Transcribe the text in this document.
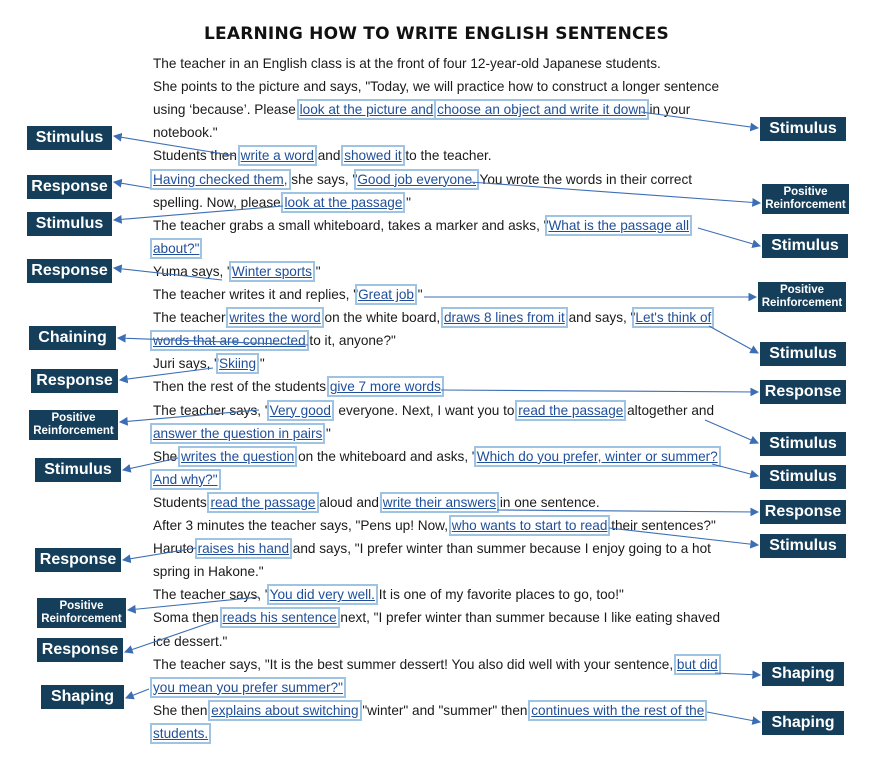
LEARNING HOW TO WRITE ENGLISH SENTENCES
The teacher in an English class is at the front of four 12-year-old Japanese students.
She points to the picture and says, "Today, we will practice how to construct a longer sentence
using ‘because’. Please look at the picture and choose an object and write it down in your
notebook."
Students then write a word and showed it to the teacher.
Having checked them, she says, "Good job everyone. You wrote the words in their correct
spelling. Now, please look at the passage."
The teacher grabs a small whiteboard, takes a marker and asks, "What is the passage all
about?"
Yuma says, "Winter sports."
The teacher writes it and replies, "Great job."
The teacher writes the word on the white board, draws 8 lines from it and says, "Let's think of
words that are connected to it, anyone?"
Juri says, "Skiing."
Then the rest of the students give 7 more words.
The teacher says, "Very good, everyone. Next, I want you to read the passage altogether and
answer the question in pairs."
She writes the question on the whiteboard and asks, "Which do you prefer, winter or summer?
And why?"
Students read the passage aloud and write their answers in one sentence.
After 3 minutes the teacher says, "Pens up! Now, who wants to start to read their sentences?"
Haruto raises his hand and says, "I prefer winter than summer because I enjoy going to a hot
spring in Hakone."
The teacher says, "You did very well. It is one of my favorite places to go, too!"
Soma then reads his sentence next, "I prefer winter than summer because I like eating shaved
ice dessert."
The teacher says, "It is the best summer dessert! You also did well with your sentence, but did
you mean you prefer summer?"
She then explains about switching "winter" and "summer" then continues with the rest of the
students.
Stimulus
Response
Stimulus
Response
Chaining
Response
Positive
Reinforcement
Stimulus
Response
Positive
Reinforcement
Response
Shaping
Stimulus
Positive
Reinforcement
Stimulus
Positive
Reinforcement
Stimulus
Response
Stimulus
Stimulus
Response
Stimulus
Shaping
Shaping
